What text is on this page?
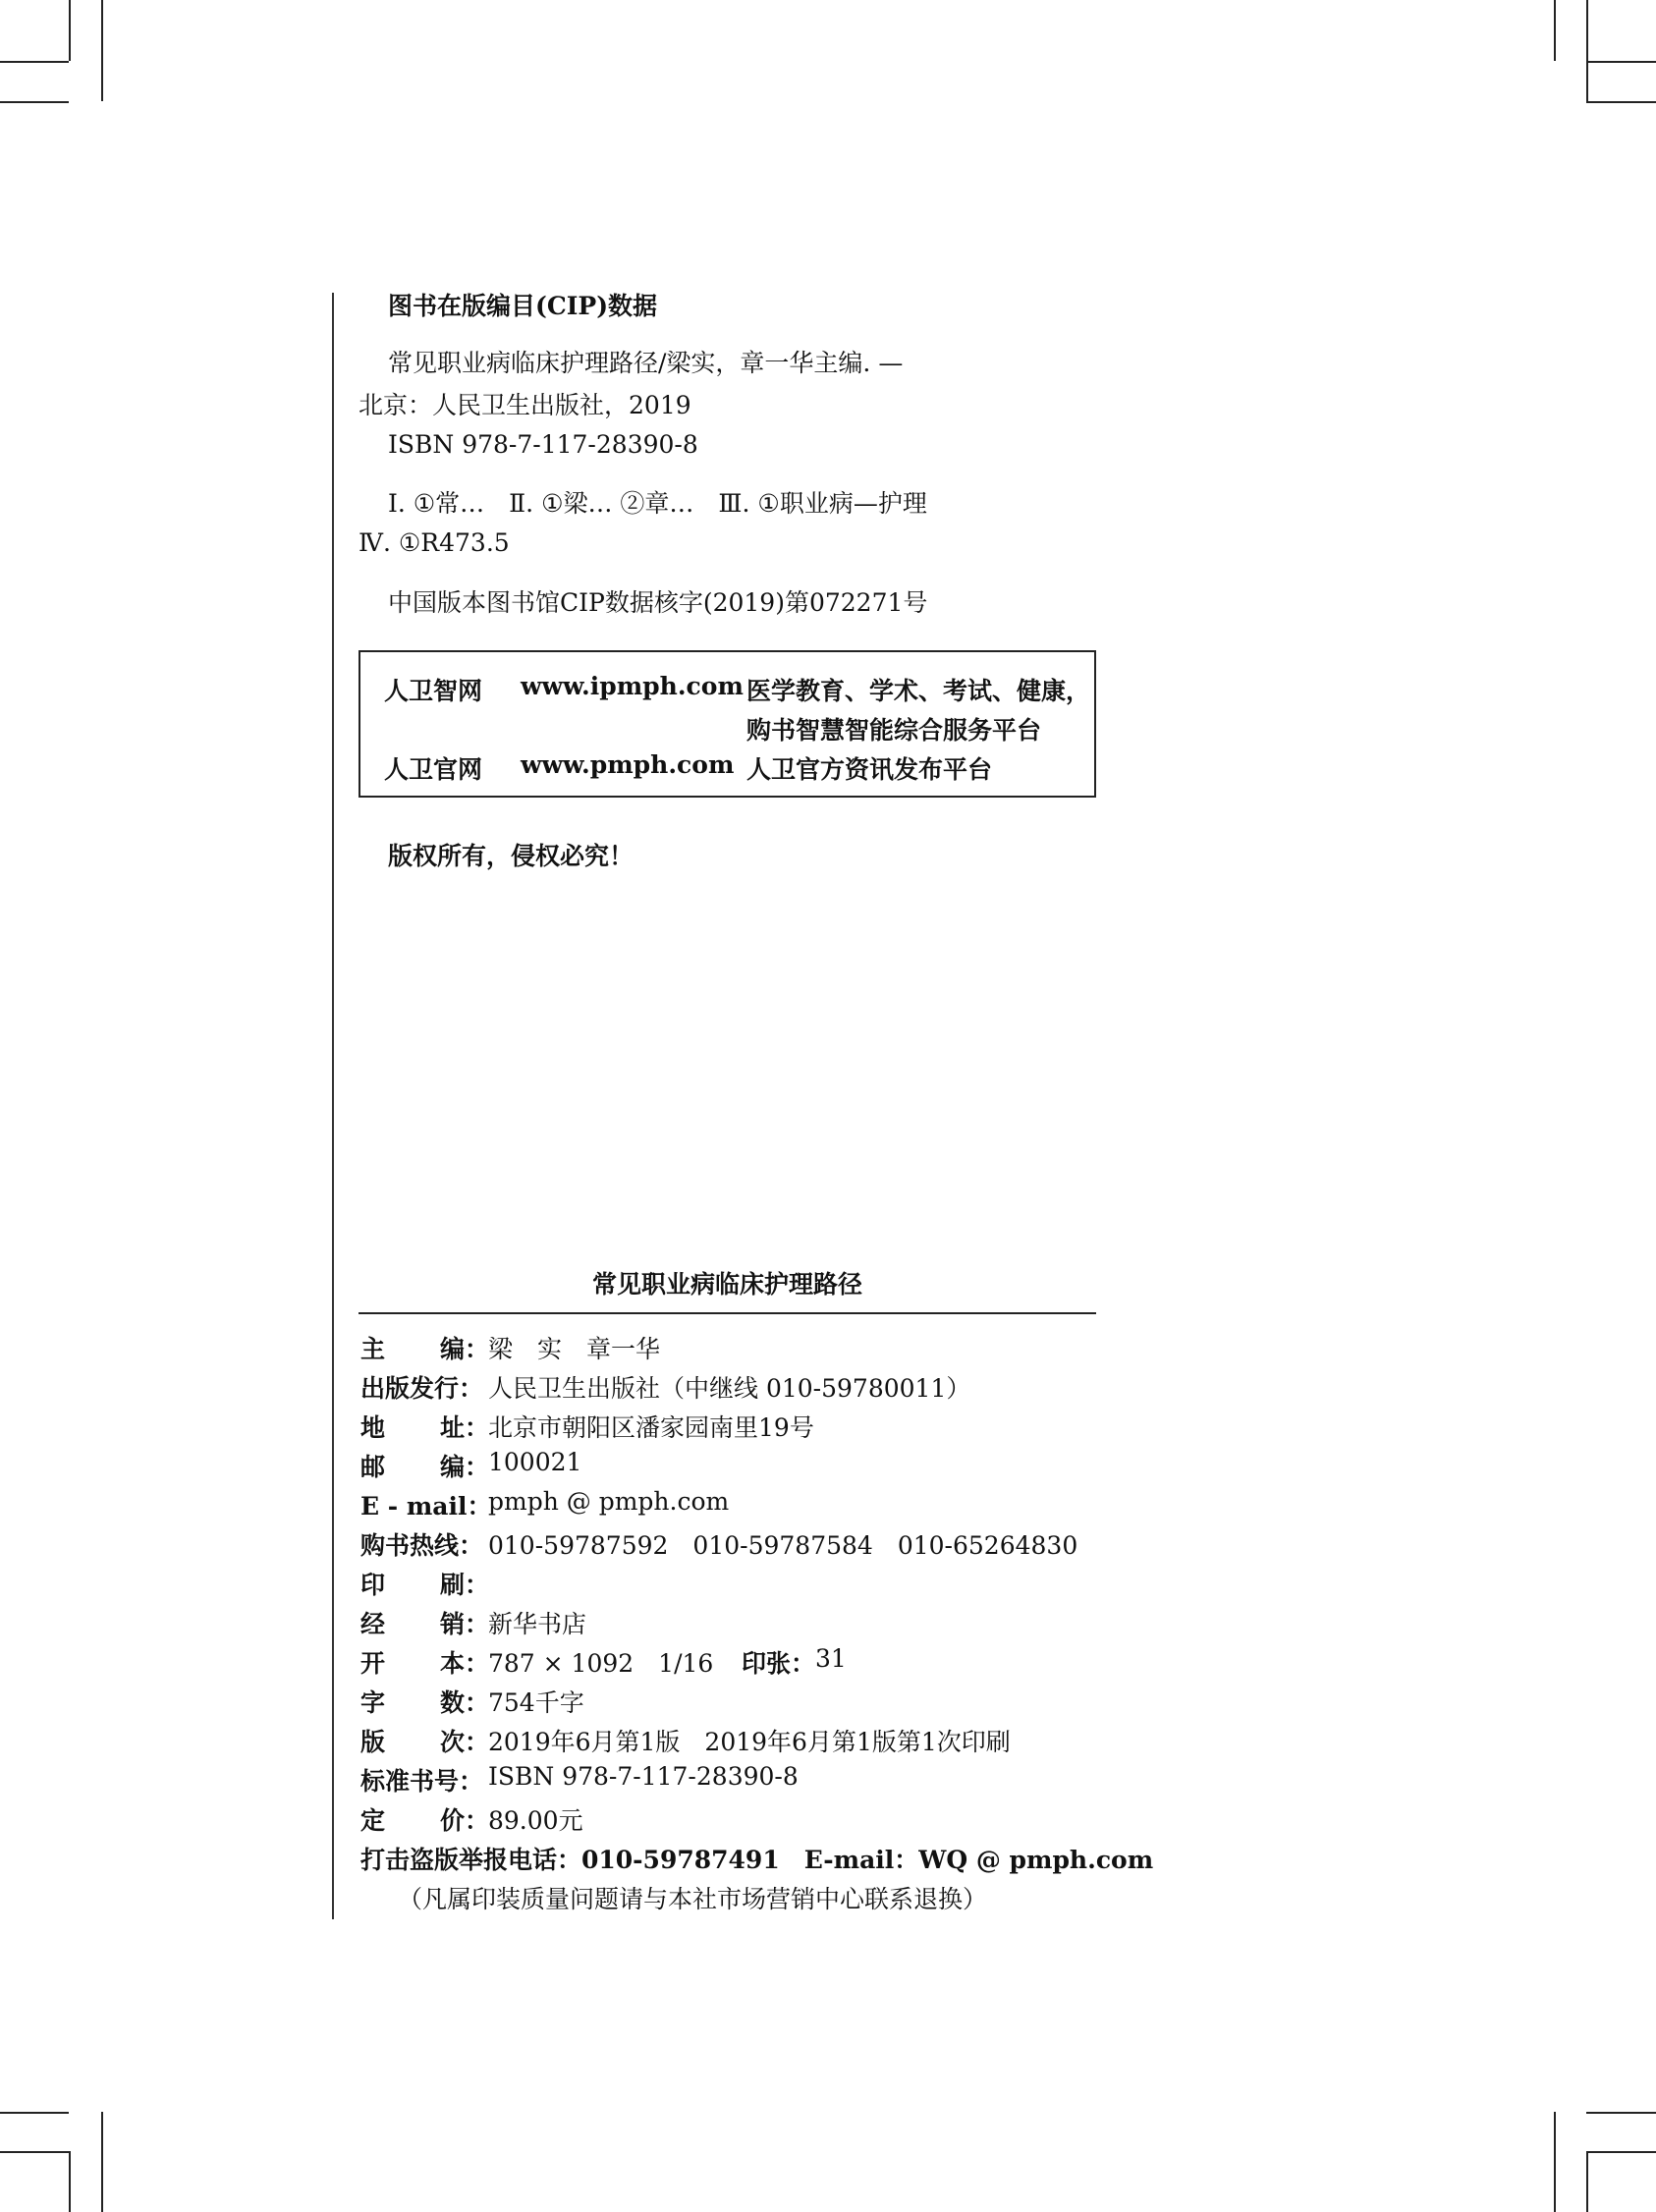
图书在版编目(CIP)数据
常见职业病临床护理路径/梁实，章一华主编. —
北京：人民卫生出版社，2019
ISBN 978-7-117-28390-8
Ⅰ. ①常…　Ⅱ. ①梁… ②章…　Ⅲ. ①职业病—护理
Ⅳ. ①R473.5
中国版本图书馆CIP数据核字(2019)第072271号
人卫智网 www.ipmph.com 医学教育、学术、考试、健康，
购书智慧智能综合服务平台
人卫官网 www.pmph.com 人卫官方资讯发布平台
版权所有，侵权必究！
常见职业病临床护理路径
主 编：
梁　实　章一华
出版发行： 人民卫生出版社（中继线 010-59780011）
地 址：
北京市朝阳区潘家园南里19号
邮 编：
100021
E - mail：
pmph @ pmph.com
购书热线： 010-59787592　010-59787584　010-65264830
印 刷：
经 销：
新华书店
开 本：
787 × 1092　1/16 印张： 31
字 数：
754千字
版 次：
2019年6月第1版　2019年6月第1版第1次印刷
标准书号： ISBN 978-7-117-28390-8
定 价：
89.00元
打击盗版举报电话：010-59787491　E-mail：WQ @ pmph.com
（凡属印装质量问题请与本社市场营销中心联系退换）
